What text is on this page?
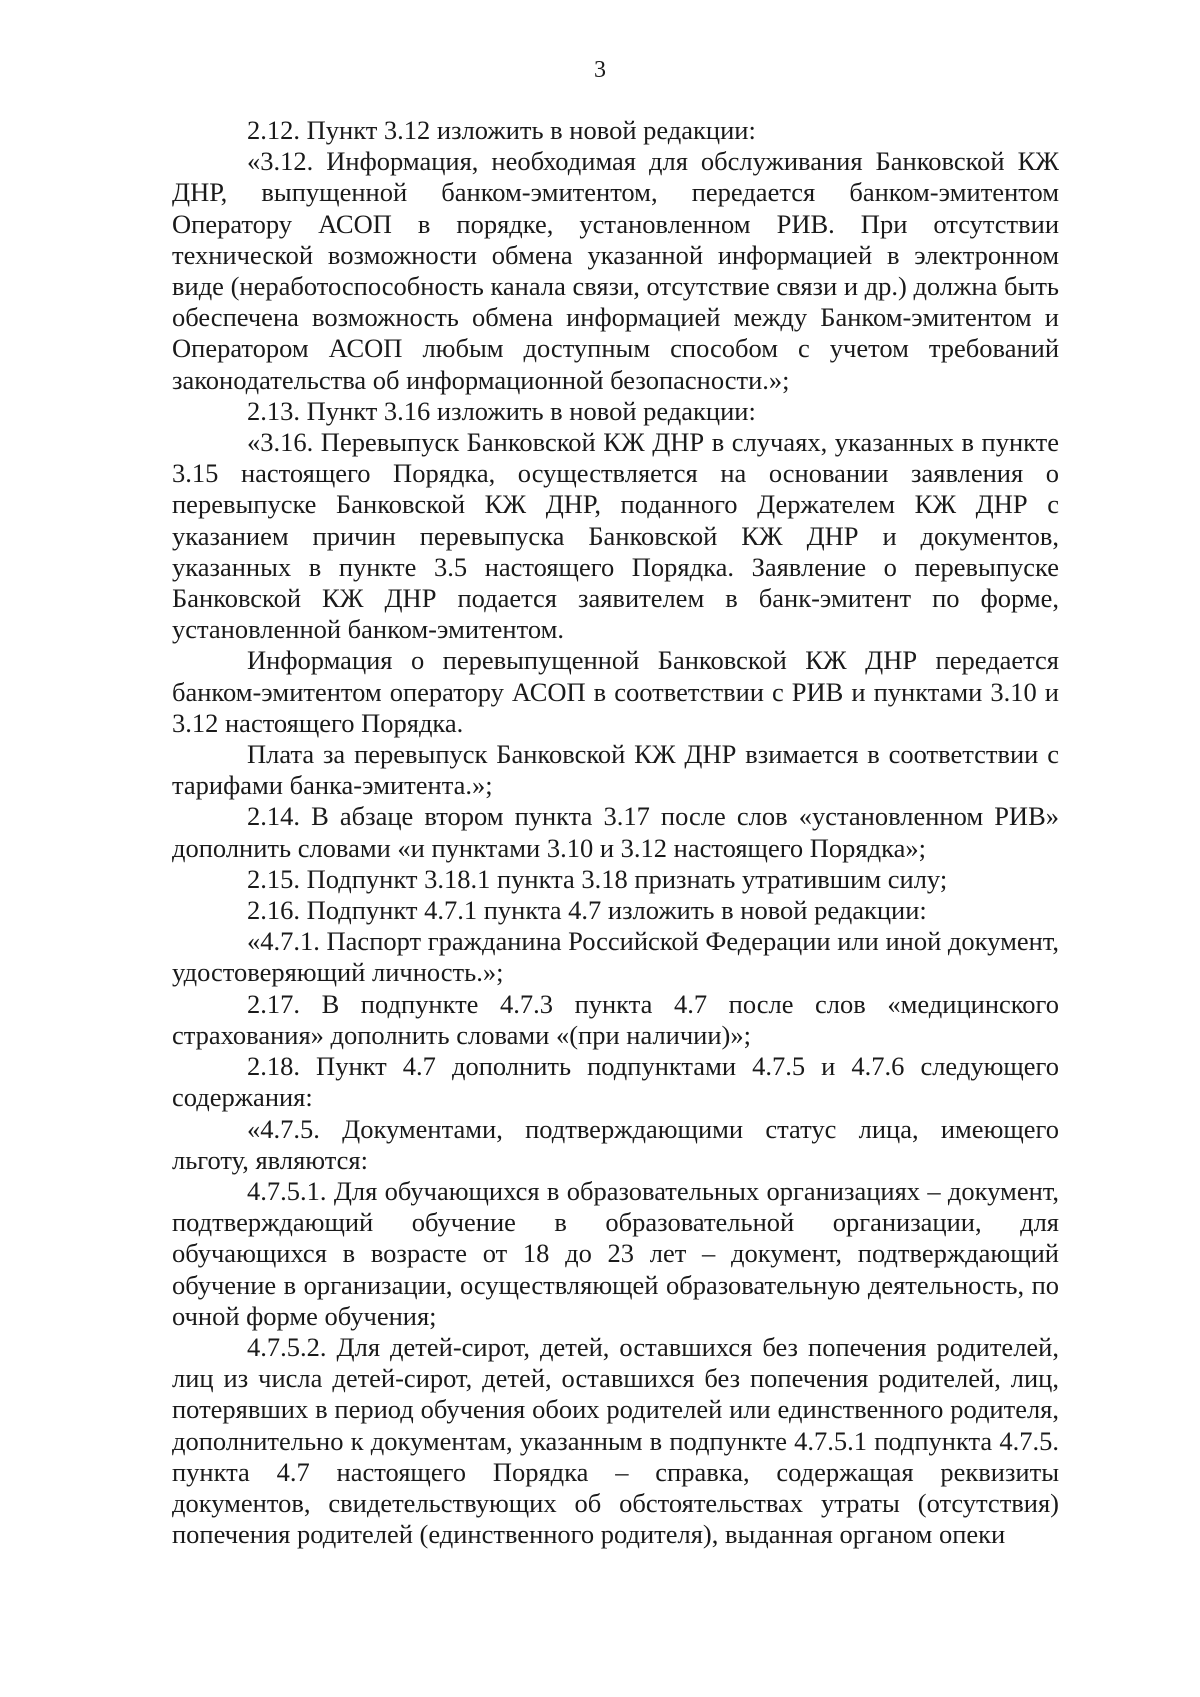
3

2.12. Пункт 3.12 изложить в новой редакции:

«3.12. Информация, необходимая для обслуживания Банковской КЖ ДНР, выпущенной банком-эмитентом, передается банком-эмитентом Оператору АСОП в порядке, установленном РИВ. При отсутствии технической возможности обмена указанной информацией в электронном виде (неработоспособность канала связи, отсутствие связи и др.) должна быть обеспечена возможность обмена информацией между Банком-эмитентом и Оператором АСОП любым доступным способом с учетом требований законодательства об информационной безопасности.»;

2.13. Пункт 3.16 изложить в новой редакции:

«3.16. Перевыпуск Банковской КЖ ДНР в случаях, указанных в пункте 3.15 настоящего Порядка, осуществляется на основании заявления о перевыпуске Банковской КЖ ДНР, поданного Держателем КЖ ДНР с указанием причин перевыпуска Банковской КЖ ДНР и документов, указанных в пункте 3.5 настоящего Порядка. Заявление о перевыпуске Банковской КЖ ДНР подается заявителем в банк-эмитент по форме, установленной банком-эмитентом.

Информация о перевыпущенной Банковской КЖ ДНР передается банком-эмитентом оператору АСОП в соответствии с РИВ и пунктами 3.10 и 3.12 настоящего Порядка.

Плата за перевыпуск Банковской КЖ ДНР взимается в соответствии с тарифами банка-эмитента.»;

2.14. В абзаце втором пункта 3.17 после слов «установленном РИВ» дополнить словами «и пунктами 3.10 и 3.12 настоящего Порядка»;

2.15. Подпункт 3.18.1 пункта 3.18 признать утратившим силу;

2.16. Подпункт 4.7.1 пункта 4.7 изложить в новой редакции:

«4.7.1. Паспорт гражданина Российской Федерации или иной документ, удостоверяющий личность.»;

2.17. В подпункте 4.7.3 пункта 4.7 после слов «медицинского страхования» дополнить словами «(при наличии)»;

2.18. Пункт 4.7 дополнить подпунктами 4.7.5 и 4.7.6 следующего содержания:

«4.7.5. Документами, подтверждающими статус лица, имеющего льготу, являются:

4.7.5.1. Для обучающихся в образовательных организациях – документ, подтверждающий обучение в образовательной организации, для обучающихся в возрасте от 18 до 23 лет – документ, подтверждающий обучение в организации, осуществляющей образовательную деятельность, по очной форме обучения;

4.7.5.2. Для детей-сирот, детей, оставшихся без попечения родителей, лиц из числа детей-сирот, детей, оставшихся без попечения родителей, лиц, потерявших в период обучения обоих родителей или единственного родителя, дополнительно к документам, указанным в подпункте 4.7.5.1 подпункта 4.7.5. пункта 4.7 настоящего Порядка – справка, содержащая реквизиты документов, свидетельствующих об обстоятельствах утраты (отсутствия) попечения родителей (единственного родителя), выданная органом опеки
